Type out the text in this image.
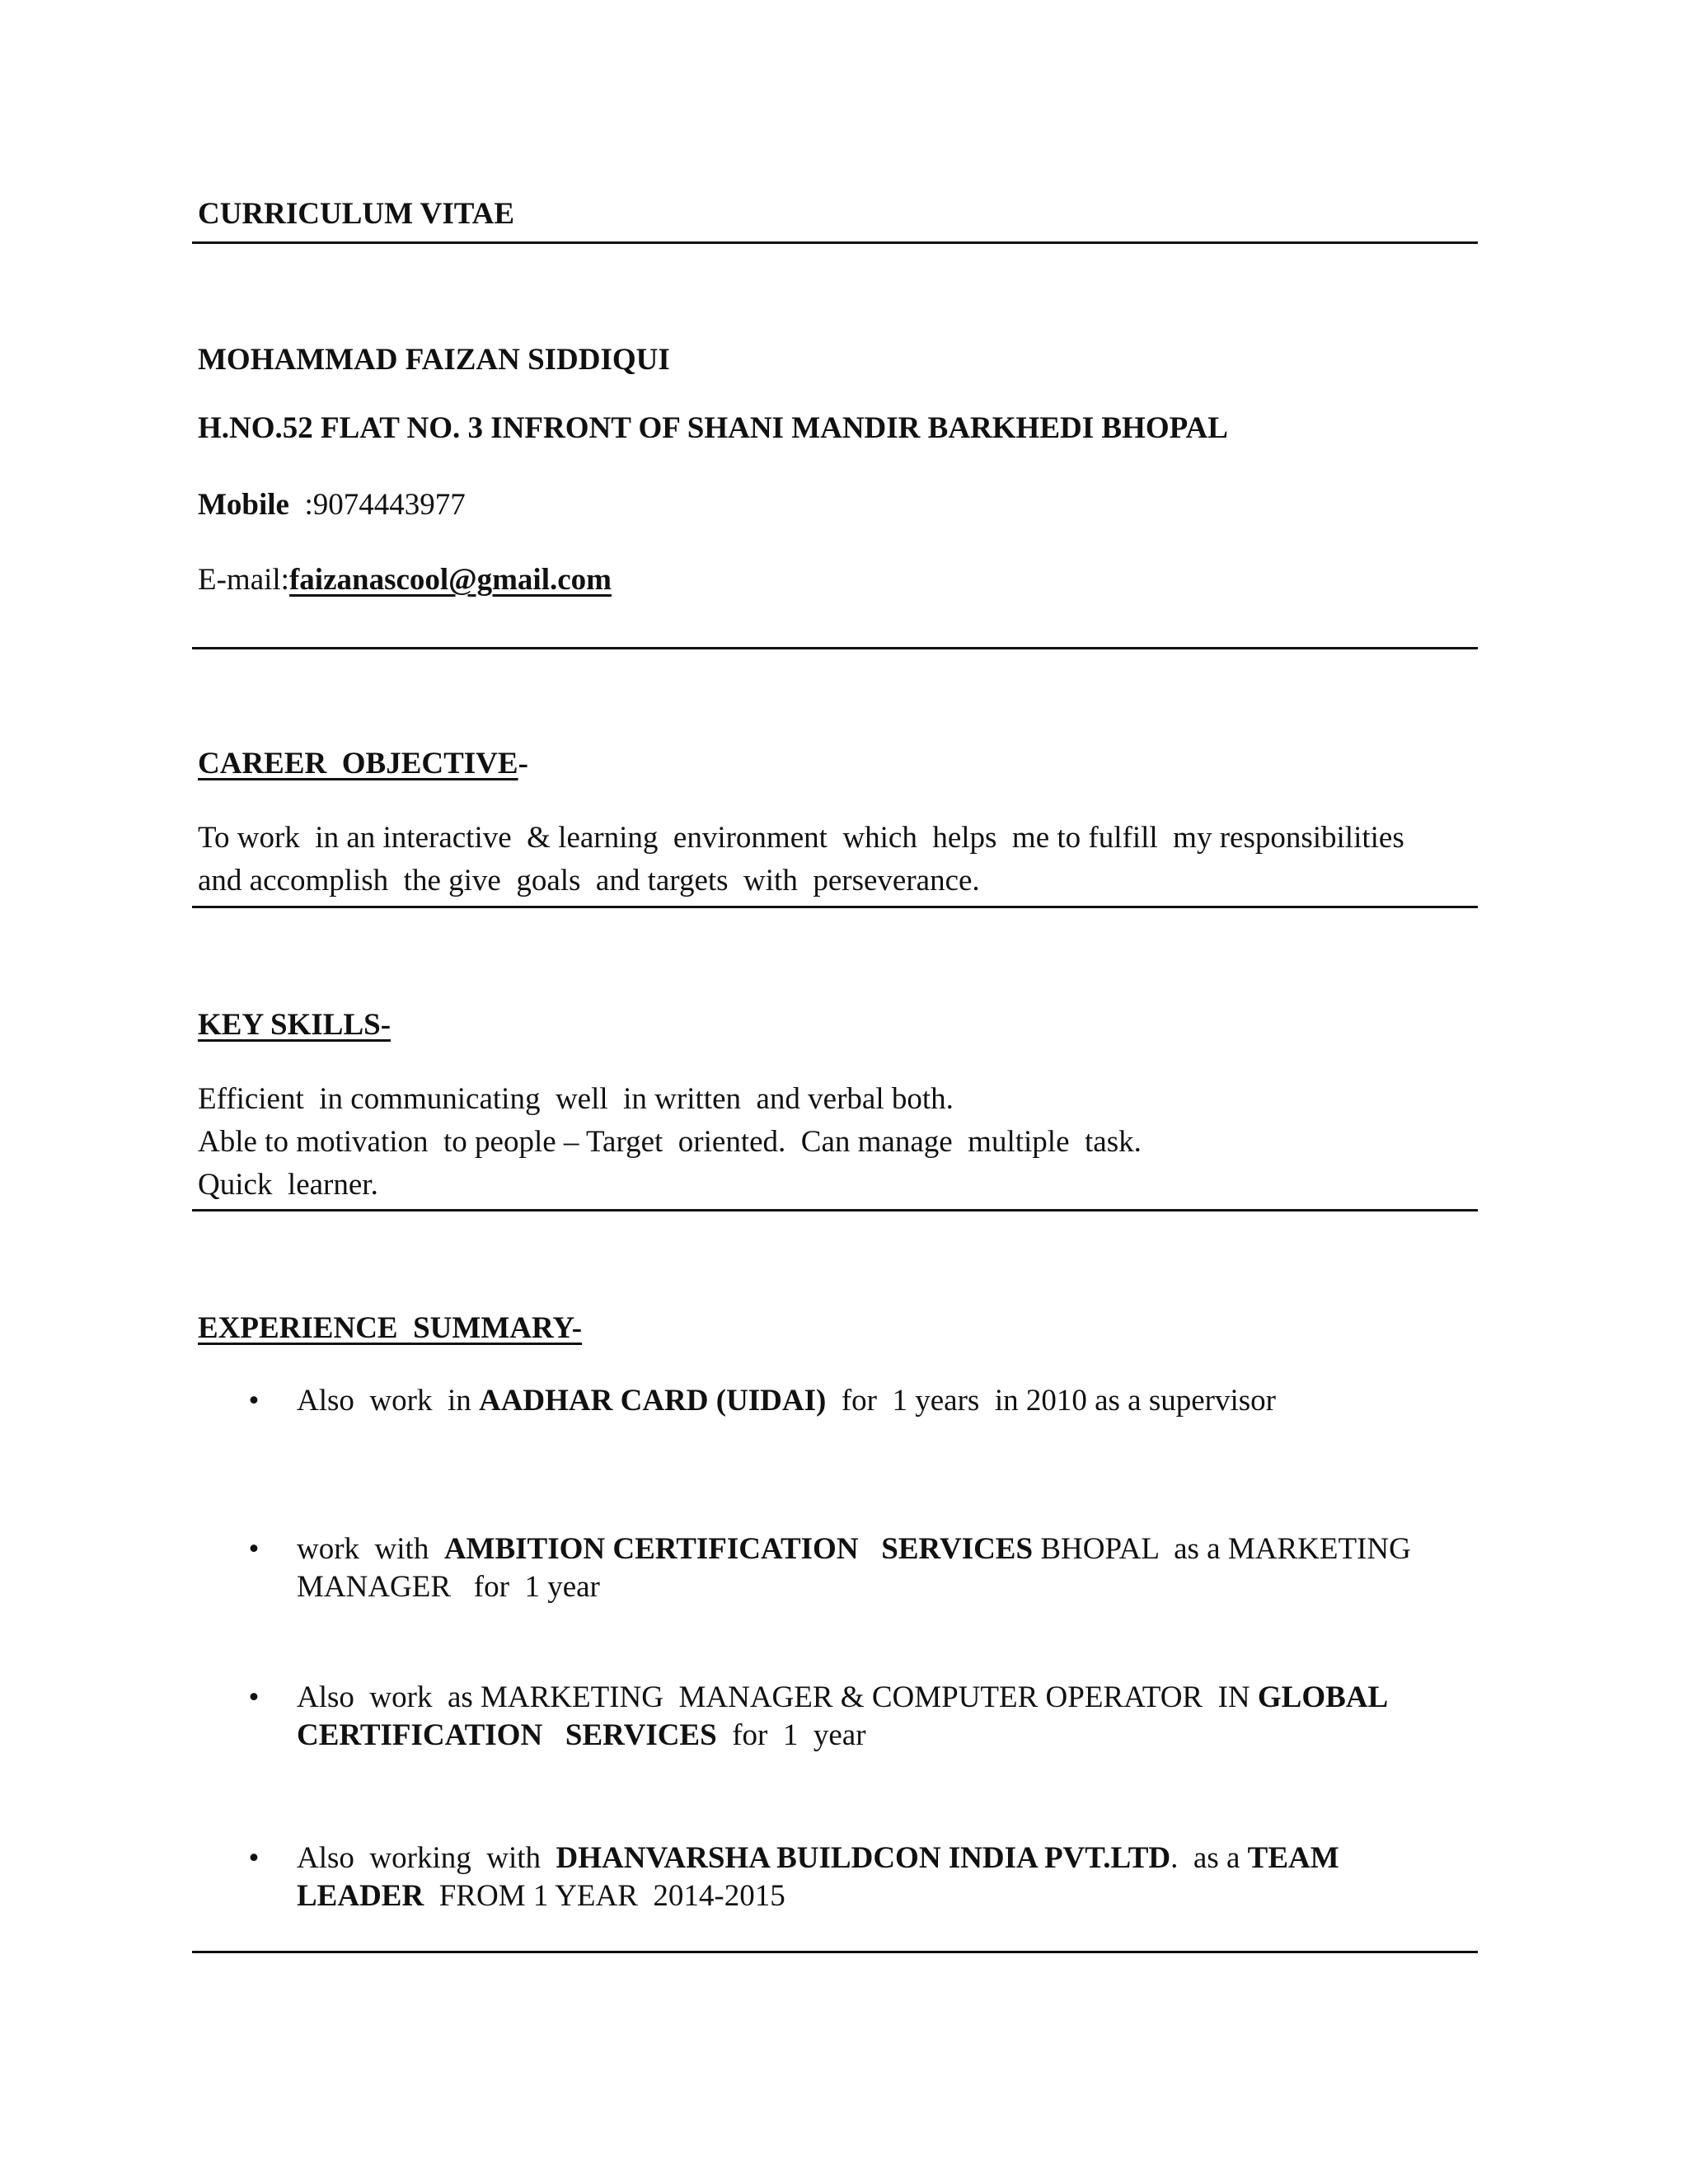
CURRICULUM VITAE
MOHAMMAD FAIZAN SIDDIQUI
H.NO.52 FLAT NO. 3 INFRONT OF SHANI MANDIR BARKHEDI BHOPAL
Mobile  :9074443977
E-mail:faizanascool@gmail.com
CAREER  OBJECTIVE-
To work  in an interactive  & learning  environment  which  helps  me to fulfill  my responsibilities
and accomplish  the give  goals  and targets  with  perseverance.
KEY SKILLS-
Efficient  in communicating  well  in written  and verbal both.
Able to motivation  to people – Target  oriented.  Can manage  multiple  task.
Quick  learner.
EXPERIENCE  SUMMARY-
• Also  work  in AADHAR CARD (UIDAI)  for  1 years  in 2010 as a supervisor
• work  with  AMBITION CERTIFICATION   SERVICES BHOPAL  as a MARKETING
MANAGER   for  1 year
• Also  work  as MARKETING  MANAGER & COMPUTER OPERATOR  IN GLOBAL
CERTIFICATION   SERVICES  for  1  year
• Also  working  with  DHANVARSHA BUILDCON INDIA PVT.LTD.  as a TEAM
LEADER  FROM 1 YEAR  2014-2015
